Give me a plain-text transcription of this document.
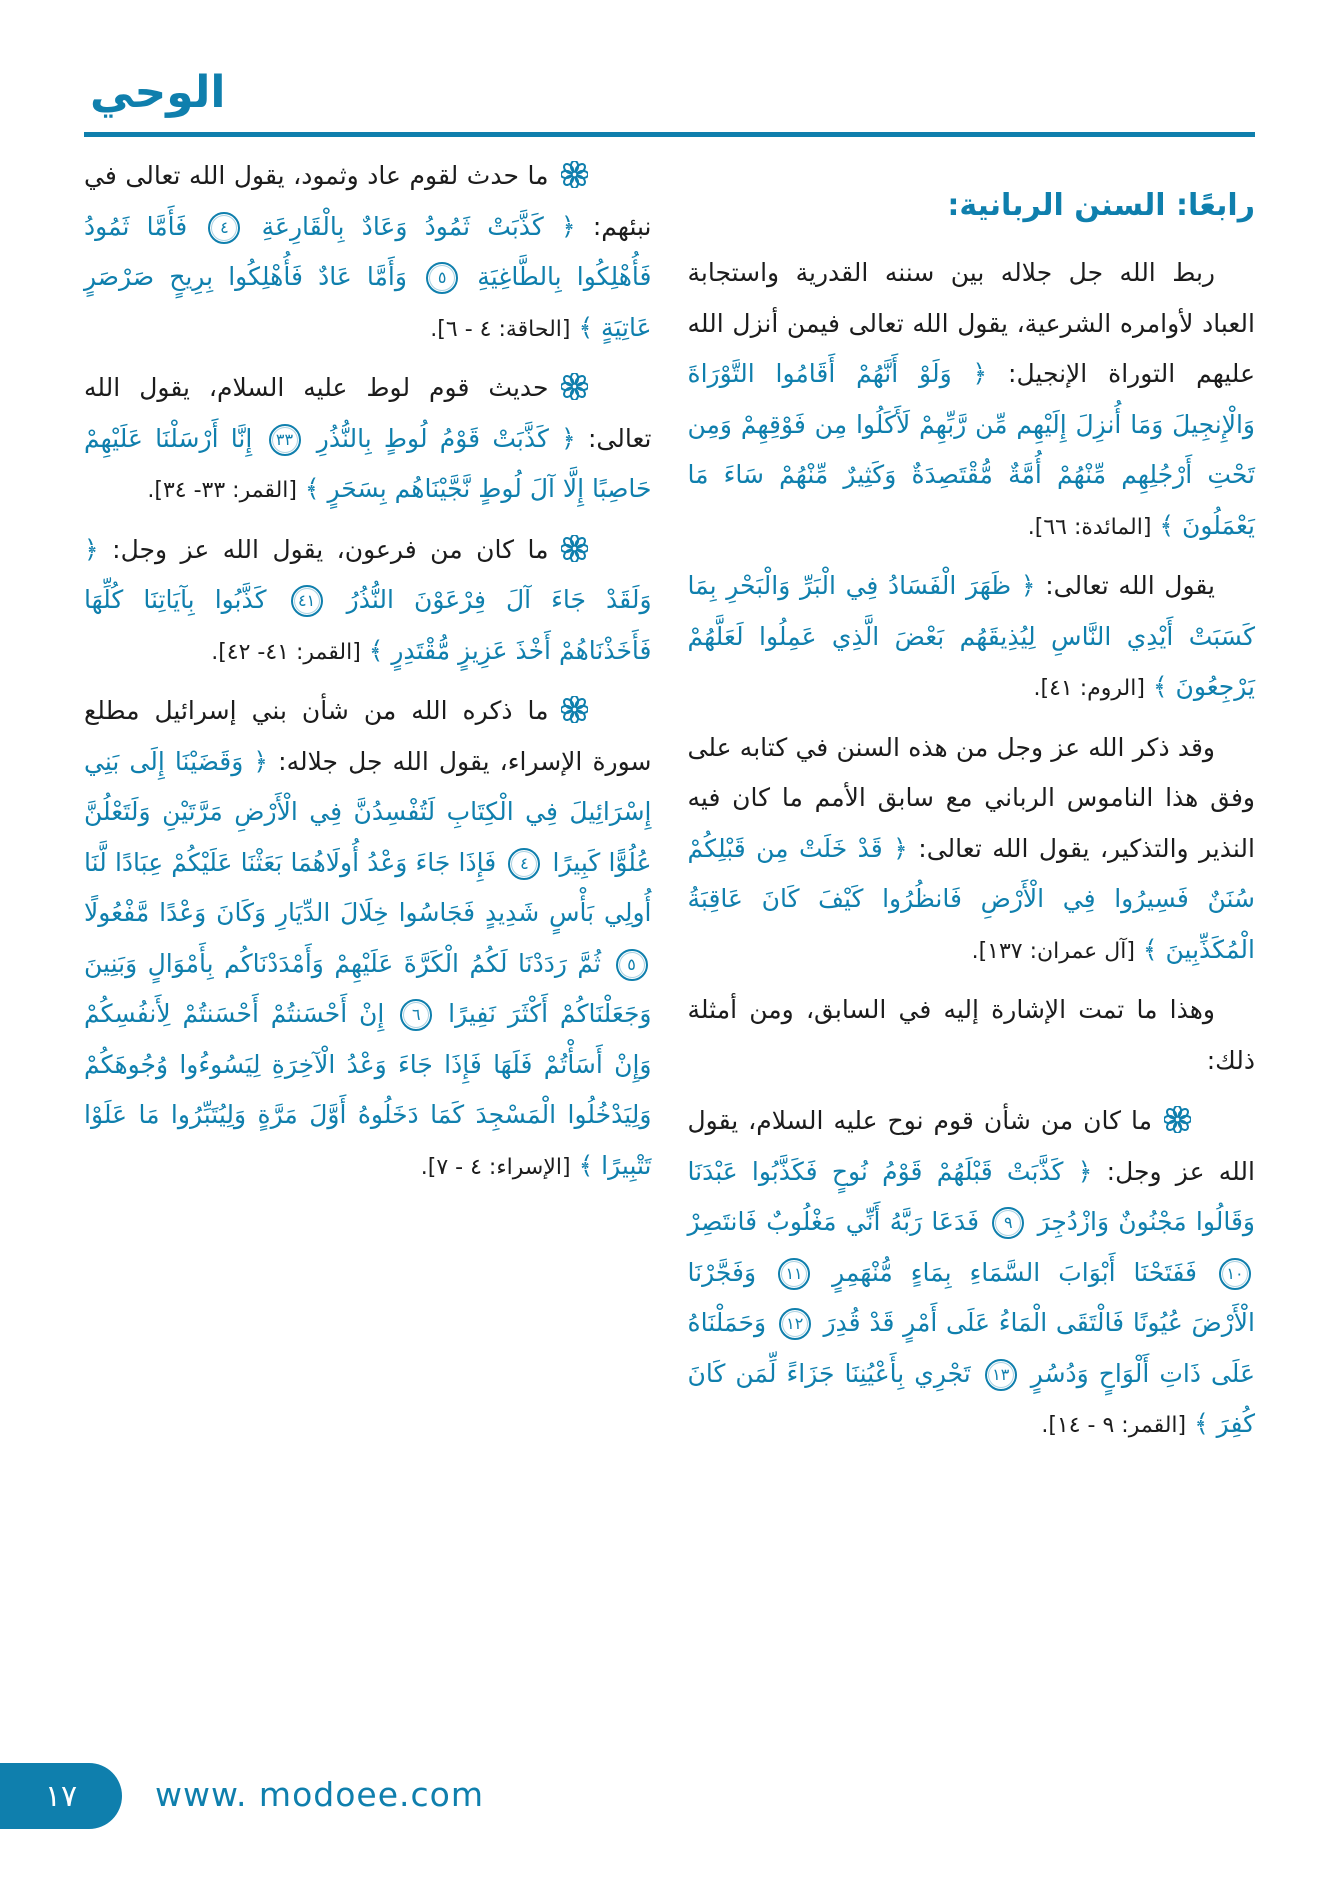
الوحي
رابعًا: السنن الربانية:

ربط الله جل جلاله بين سننه القدرية واستجابة العباد لأوامره الشرعية، يقول الله تعالى فيمن أنزل الله عليهم التوراة الإنجيل: ﴿ وَلَوْ أَنَّهُمْ أَقَامُوا التَّوْرَاةَ وَالْإِنجِيلَ وَمَا أُنزِلَ إِلَيْهِم مِّن رَّبِّهِمْ لَأَكَلُوا مِن فَوْقِهِمْ وَمِن تَحْتِ أَرْجُلِهِم مِّنْهُمْ أُمَّةٌ مُّقْتَصِدَةٌ وَكَثِيرٌ مِّنْهُمْ سَاءَ مَا يَعْمَلُونَ ﴾ [المائدة: ٦٦].

يقول الله تعالى: ﴿ ظَهَرَ الْفَسَادُ فِي الْبَرِّ وَالْبَحْرِ بِمَا كَسَبَتْ أَيْدِي النَّاسِ لِيُذِيقَهُم بَعْضَ الَّذِي عَمِلُوا لَعَلَّهُمْ يَرْجِعُونَ ﴾ [الروم: ٤١].

وقد ذكر الله عز وجل من هذه السنن في كتابه على وفق هذا الناموس الرباني مع سابق الأمم ما كان فيه النذير والتذكير، يقول الله تعالى: ﴿ قَدْ خَلَتْ مِن قَبْلِكُمْ سُنَنٌ فَسِيرُوا فِي الْأَرْضِ فَانظُرُوا كَيْفَ كَانَ عَاقِبَةُ الْمُكَذِّبِينَ ﴾ [آل عمران: ١٣٧].

وهذا ما تمت الإشارة إليه في السابق، ومن أمثلة ذلك:

ما كان من شأن قوم نوح عليه السلام، يقول الله عز وجل: ﴿ كَذَّبَتْ قَبْلَهُمْ قَوْمُ نُوحٍ فَكَذَّبُوا عَبْدَنَا وَقَالُوا مَجْنُونٌ وَازْدُجِرَ ٩ فَدَعَا رَبَّهُ أَنِّي مَغْلُوبٌ فَانتَصِرْ ١٠ فَفَتَحْنَا أَبْوَابَ السَّمَاءِ بِمَاءٍ مُّنْهَمِرٍ ١١ وَفَجَّرْنَا الْأَرْضَ عُيُونًا فَالْتَقَى الْمَاءُ عَلَى أَمْرٍ قَدْ قُدِرَ ١٢ وَحَمَلْنَاهُ عَلَى ذَاتِ أَلْوَاحٍ وَدُسُرٍ ١٣ تَجْرِي بِأَعْيُنِنَا جَزَاءً لِّمَن كَانَ كُفِرَ ﴾ [القمر: ٩ - ١٤].

ما حدث لقوم عاد وثمود، يقول الله تعالى في نبئهم: ﴿ كَذَّبَتْ ثَمُودُ وَعَادٌ بِالْقَارِعَةِ ٤ فَأَمَّا ثَمُودُ فَأُهْلِكُوا بِالطَّاغِيَةِ ٥ وَأَمَّا عَادٌ فَأُهْلِكُوا بِرِيحٍ صَرْصَرٍ عَاتِيَةٍ ﴾ [الحاقة: ٤ - ٦].

حديث قوم لوط عليه السلام، يقول الله تعالى: ﴿ كَذَّبَتْ قَوْمُ لُوطٍ بِالنُّذُرِ ٣٣ إِنَّا أَرْسَلْنَا عَلَيْهِمْ حَاصِبًا إِلَّا آلَ لُوطٍ نَّجَّيْنَاهُم بِسَحَرٍ ﴾ [القمر: ٣٣- ٣٤].

ما كان من فرعون، يقول الله عز وجل: ﴿ وَلَقَدْ جَاءَ آلَ فِرْعَوْنَ النُّذُرُ ٤١ كَذَّبُوا بِآيَاتِنَا كُلِّهَا فَأَخَذْنَاهُمْ أَخْذَ عَزِيزٍ مُّقْتَدِرٍ ﴾ [القمر: ٤١- ٤٢].

ما ذكره الله من شأن بني إسرائيل مطلع سورة الإسراء، يقول الله جل جلاله: ﴿ وَقَضَيْنَا إِلَى بَنِي إِسْرَائِيلَ فِي الْكِتَابِ لَتُفْسِدُنَّ فِي الْأَرْضِ مَرَّتَيْنِ وَلَتَعْلُنَّ عُلُوًّا كَبِيرًا ٤ فَإِذَا جَاءَ وَعْدُ أُولَاهُمَا بَعَثْنَا عَلَيْكُمْ عِبَادًا لَّنَا أُولِي بَأْسٍ شَدِيدٍ فَجَاسُوا خِلَالَ الدِّيَارِ وَكَانَ وَعْدًا مَّفْعُولًا ٥ ثُمَّ رَدَدْنَا لَكُمُ الْكَرَّةَ عَلَيْهِمْ وَأَمْدَدْنَاكُم بِأَمْوَالٍ وَبَنِينَ وَجَعَلْنَاكُمْ أَكْثَرَ نَفِيرًا ٦ إِنْ أَحْسَنتُمْ أَحْسَنتُمْ لِأَنفُسِكُمْ وَإِنْ أَسَأْتُمْ فَلَهَا فَإِذَا جَاءَ وَعْدُ الْآخِرَةِ لِيَسُوءُوا وُجُوهَكُمْ وَلِيَدْخُلُوا الْمَسْجِدَ كَمَا دَخَلُوهُ أَوَّلَ مَرَّةٍ وَلِيُتَبِّرُوا مَا عَلَوْا تَتْبِيرًا ﴾ [الإسراء: ٤ - ٧].

١٧ www. modoee.com
